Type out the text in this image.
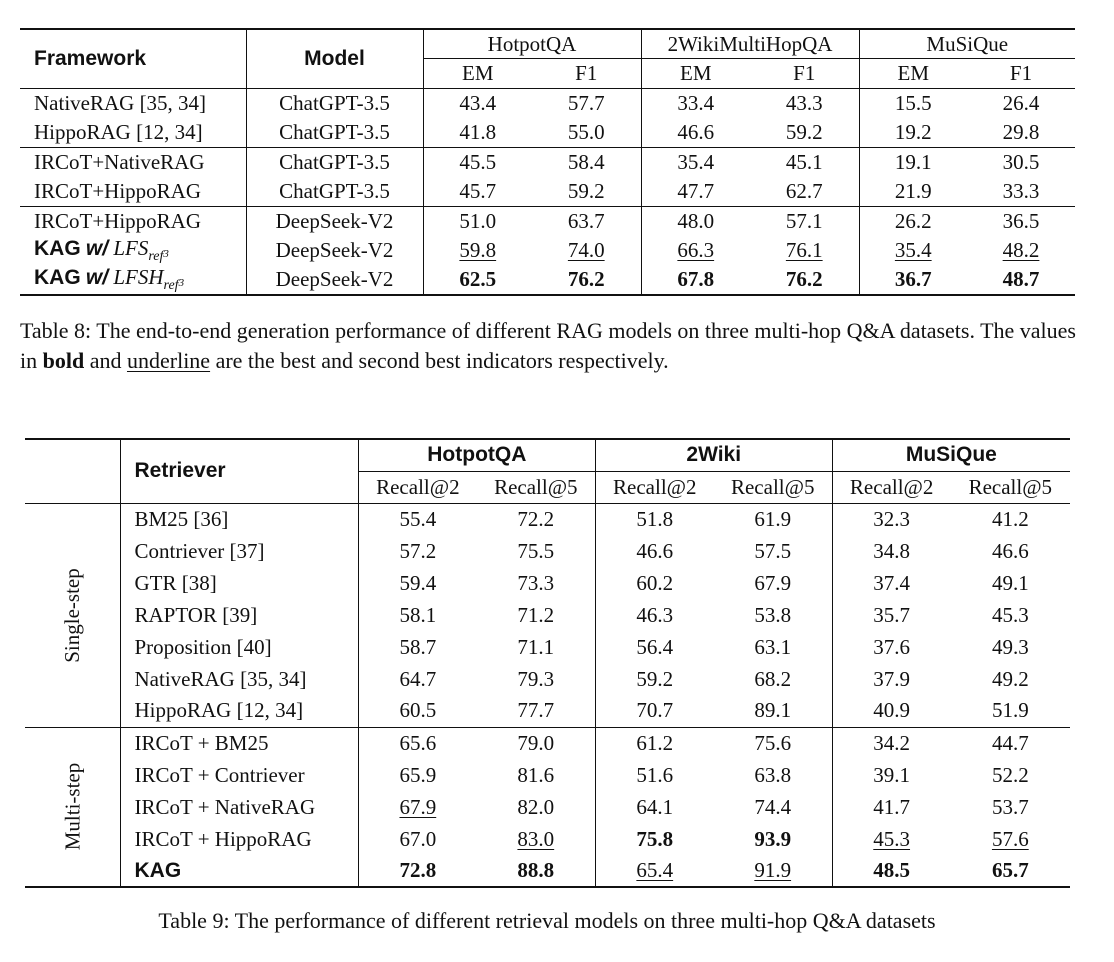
Framework	Model	HotpotQA		2WikiMultiHopQA		MuSiQue	
		EM	F1	EM	F1	EM	F1
NativeRAG [35, 34]	ChatGPT-3.5	43.4	57.7	33.4	43.3	15.5	26.4
HippoRAG [12, 34]	ChatGPT-3.5	41.8	55.0	46.6	59.2	19.2	29.8
IRCoT+NativeRAG	ChatGPT-3.5	45.5	58.4	35.4	45.1	19.1	30.5
IRCoT+HippoRAG	ChatGPT-3.5	45.7	59.2	47.7	62.7	21.9	33.3
IRCoT+HippoRAG	DeepSeek-V2	51.0	63.7	48.0	57.1	26.2	36.5
KAG w/ $LFS_{ref}3$	DeepSeek-V2	59.8	74.0	66.3	76.1	35.4	48.2
KAG w/ $LFSH_{ref}3$	DeepSeek-V2	62.5	76.2	67.8	76.2	36.7	48.7

Table 8: The end-to-end generation performance of different RAG models on three multi-hop Q&A datasets. The values in bold and underline are the best and second best indicators respectively.

	Retriever	HotpotQA		2Wiki		MuSiQue	
		Recall@2	Recall@5	Recall@2	Recall@5	Recall@2	Recall@5
Single-step	BM25 [36]	55.4	72.2	51.8	61.9	32.3	41.2
	Contriever [37]	57.2	75.5	46.6	57.5	34.8	46.6
	GTR [38]	59.4	73.3	60.2	67.9	37.4	49.1
	RAPTOR [39]	58.1	71.2	46.3	53.8	35.7	45.3
	Proposition [40]	58.7	71.1	56.4	63.1	37.6	49.3
	NativeRAG [35, 34]	64.7	79.3	59.2	68.2	37.9	49.2
	HippoRAG [12, 34]	60.5	77.7	70.7	89.1	40.9	51.9
Multi-step	IRCoT + BM25	65.6	79.0	61.2	75.6	34.2	44.7
	IRCoT + Contriever	65.9	81.6	51.6	63.8	39.1	52.2
	IRCoT + NativeRAG	67.9	82.0	64.1	74.4	41.7	53.7
	IRCoT + HippoRAG	67.0	83.0	75.8	93.9	45.3	57.6
	KAG	72.8	88.8	65.4	91.9	48.5	65.7

Table 9: The performance of different retrieval models on three multi-hop Q&A datasets
